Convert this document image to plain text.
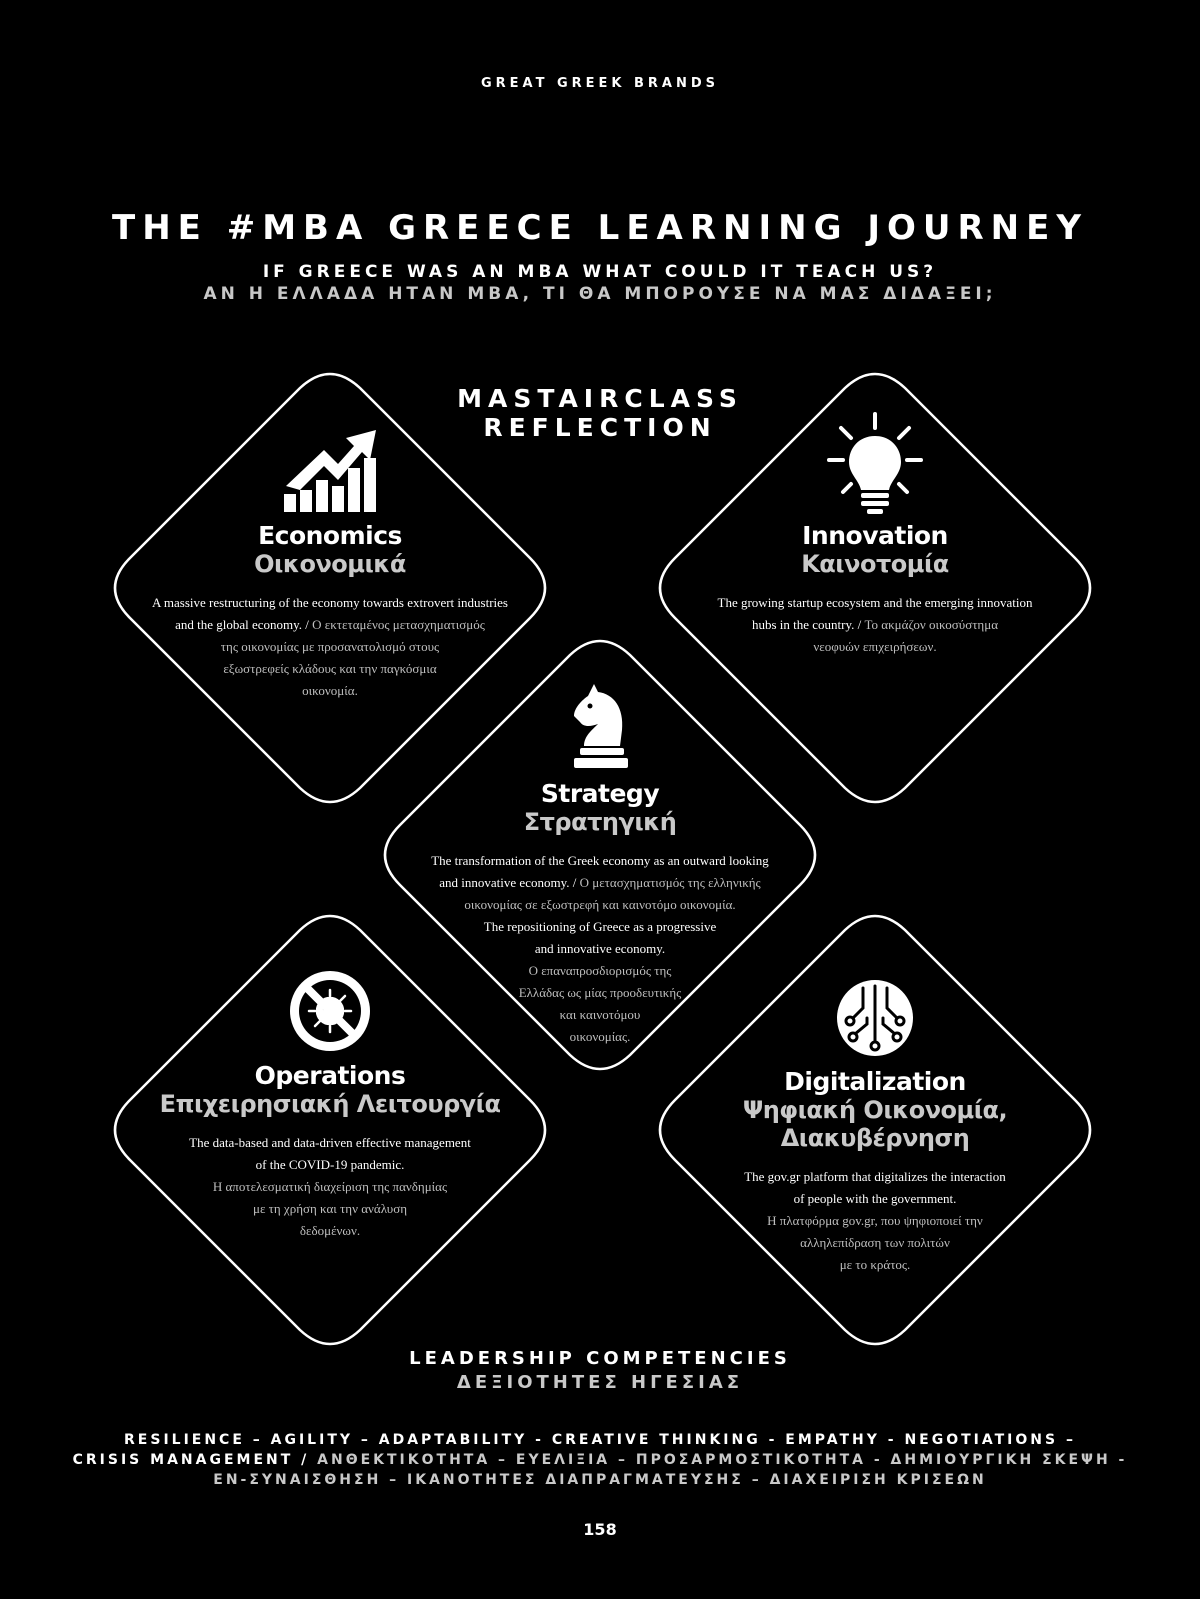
GREAT GREEK BRANDS
THE #MBA GREECE LEARNING JOURNEY
IF GREECE WAS AN MBA WHAT COULD IT TEACH US?
ΑΝ Η ΕΛΛΑΔΑ ΗΤΑΝ MBA, ΤΙ ΘΑ ΜΠΟΡΟΥΣΕ ΝΑ ΜΑΣ ΔΙΔΑΞΕΙ;
MASTAIRCLASS
REFLECTION
Economics
Οικονομικά
A massive restructuring of the economy towards extrovert industries
and the global economy. / Ο εκτεταμένος μετασχηματισμός
της οικονομίας με προσανατολισμό στους
εξωστρεφείς κλάδους και την παγκόσμια
οικονομία.
Innovation
Καινοτομία
The growing startup ecosystem and the emerging innovation
hubs in the country. / Το ακμάζον οικοσύστημα
νεοφυών επιχειρήσεων.
Strategy
Στρατηγική
The transformation of the Greek economy as an outward looking
and innovative economy. / Ο μετασχηματισμός της ελληνικής
οικονομίας σε εξωστρεφή και καινοτόμο οικονομία.
The repositioning of Greece as a progressive
and innovative economy.
Ο επαναπροσδιορισμός της
Ελλάδας ως μίας προοδευτικής
και καινοτόμου
οικονομίας.
Operations
Επιχειρησιακή Λειτουργία
The data-based and data-driven effective management
of the COVID-19 pandemic.
Η αποτελεσματική διαχείριση της πανδημίας
με τη χρήση και την ανάλυση
δεδομένων.
Digitalization
Ψηφιακή Οικονομία,
Διακυβέρνηση
The gov.gr platform that digitalizes the interaction
of people with the government.
Η πλατφόρμα gov.gr, που ψηφιοποιεί την
αλληλεπίδραση των πολιτών
με το κράτος.
LEADERSHIP COMPETENCIES
ΔΕΞΙΟΤΗΤΕΣ ΗΓΕΣΙΑΣ
RESILIENCE – AGILITY – ADAPTABILITY - CREATIVE THINKING - EMPATHY - NEGOTIATIONS –
CRISIS MANAGEMENT / ΑΝΘΕΚΤΙΚΟΤΗΤΑ – ΕΥΕΛΙΞΙΑ – ΠΡΟΣΑΡΜΟΣΤΙΚΟΤΗΤΑ - ΔΗΜΙΟΥΡΓΙΚΗ ΣΚΕΨΗ -
ΕΝ-ΣΥΝΑΙΣΘΗΣΗ – ΙΚΑΝΟΤΗΤΕΣ ΔΙΑΠΡΑΓΜΑΤΕΥΣΗΣ – ΔΙΑΧΕΙΡΙΣΗ ΚΡΙΣΕΩΝ
158
